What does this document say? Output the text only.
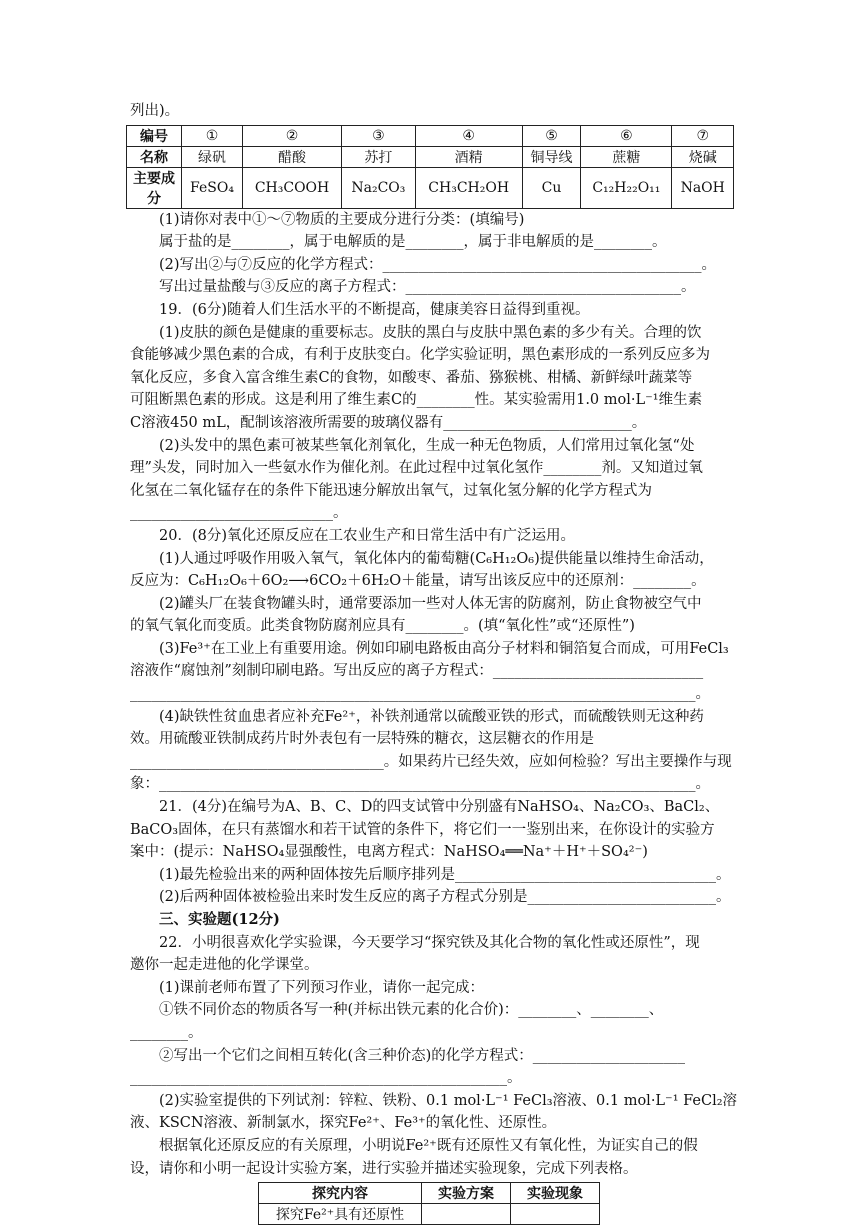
列出)。
编号	①	②	③	④	⑤	⑥	⑦
名称	绿矾	醋酸	苏打	酒精	铜导线	蔗糖	烧碱
主要成分	FeSO₄	CH₃COOH	Na₂CO₃	CH₃CH₂OH	Cu	C₁₂H₂₂O₁₁	NaOH
(1)请你对表中①～⑦物质的主要成分进行分类：(填编号)
属于盐的是________，属于电解质的是________，属于非电解质的是________。
(2)写出②与⑦反应的化学方程式：____________________________________________。
写出过量盐酸与③反应的离子方程式：______________________________________。
19．(6分)随着人们生活水平的不断提高，健康美容日益得到重视。
(1)皮肤的颜色是健康的重要标志。皮肤的黑白与皮肤中黑色素的多少有关。合理的饮
食能够减少黑色素的合成，有利于皮肤变白。化学实验证明，黑色素形成的一系列反应多为
氧化反应，多食入富含维生素C的食物，如酸枣、番茄、猕猴桃、柑橘、新鲜绿叶蔬菜等
可阻断黑色素的形成。这是利用了维生素C的________性。某实验需用1.0 mol·L⁻¹维生素
C溶液450 mL，配制该溶液所需要的玻璃仪器有__________________________。
(2)头发中的黑色素可被某些氧化剂氧化，生成一种无色物质，人们常用过氧化氢“处
理”头发，同时加入一些氨水作为催化剂。在此过程中过氧化氢作________剂。又知道过氧
化氢在二氧化锰存在的条件下能迅速分解放出氧气，过氧化氢分解的化学方程式为
____________________________。
20．(8分)氧化还原反应在工农业生产和日常生活中有广泛运用。
(1)人通过呼吸作用吸入氧气，氧化体内的葡萄糖(C₆H₁₂O₆)提供能量以维持生命活动，
反应为：C₆H₁₂O₆＋6O₂⟶6CO₂＋6H₂O＋能量，请写出该反应中的还原剂：________。
(2)罐头厂在装食物罐头时，通常要添加一些对人体无害的防腐剂，防止食物被空气中
的氧气氧化而变质。此类食物防腐剂应具有________。(填“氧化性”或“还原性”)
(3)Fe³⁺在工业上有重要用途。例如印刷电路板由高分子材料和铜箔复合而成，可用FeCl₃
溶液作“腐蚀剂”刻制印刷电路。写出反应的离子方程式：_____________________________
______________________________________________________________________________。
(4)缺铁性贫血患者应补充Fe²⁺，补铁剂通常以硫酸亚铁的形式，而硫酸铁则无这种药
效。用硫酸亚铁制成药片时外表包有一层特殊的糖衣，这层糖衣的作用是
___________________________________。如果药片已经失效，应如何检验？写出主要操作与现
象：__________________________________________________________________________。
21．(4分)在编号为A、B、C、D的四支试管中分别盛有NaHSO₄、Na₂CO₃、BaCl₂、
BaCO₃固体，在只有蒸馏水和若干试管的条件下，将它们一一鉴别出来，在你设计的实验方
案中：(提示：NaHSO₄显强酸性，电离方程式：NaHSO₄══Na⁺＋H⁺＋SO₄²⁻)
(1)最先检验出来的两种固体按先后顺序排列是____________________________________。
(2)后两种固体被检验出来时发生反应的离子方程式分别是__________________________。
三、实验题(12分)
22．小明很喜欢化学实验课，今天要学习“探究铁及其化合物的氧化性或还原性”，现
邀你一起走进他的化学课堂。
(1)课前老师布置了下列预习作业，请你一起完成：
①铁不同价态的物质各写一种(并标出铁元素的化合价)：________、________、
________。
②写出一个它们之间相互转化(含三种价态)的化学方程式：_____________________
____________________________________________________。
(2)实验室提供的下列试剂：锌粒、铁粉、0.1 mol·L⁻¹ FeCl₃溶液、0.1 mol·L⁻¹ FeCl₂溶
液、KSCN溶液、新制氯水，探究Fe²⁺、Fe³⁺的氧化性、还原性。
根据氧化还原反应的有关原理，小明说Fe²⁺既有还原性又有氧化性，为证实自己的假
设，请你和小明一起设计实验方案，进行实验并描述实验现象，完成下列表格。
探究内容	实验方案	实验现象
探究Fe²⁺具有还原性		
